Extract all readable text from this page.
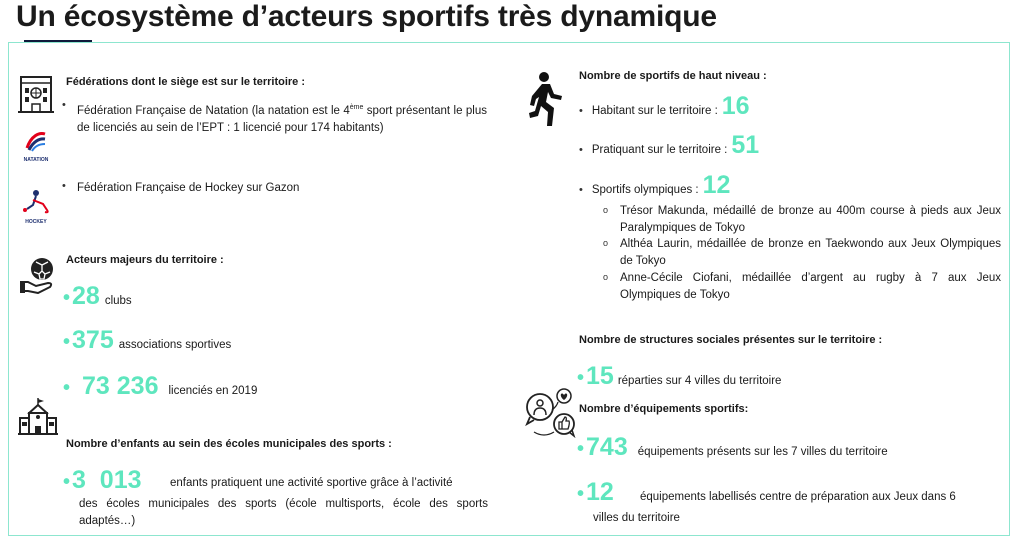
Un écosystème d’acteurs sportifs très dynamique
Fédérations dont le siège est sur le territoire :
• Fédération Française de Natation (la natation est le 4ème sport présentant le plus de licenciés au sein de l’EPT : 1 licencié pour 174 habitants)
NATATION
• Fédération Française de Hockey sur Gazon
HOCKEY
Acteurs majeurs du territoire :
• 28 clubs
• 375 associations sportives
• 73 236 licenciés en 2019
Nombre d’enfants au sein des écoles municipales des sports :
• 3  013 enfants pratiquent une activité sportive grâce à l’activité
des écoles municipales des sports (école multisports, école des sports adaptés…)
Nombre de sportifs de haut niveau :
• Habitant sur le territoire : 16
• Pratiquant sur le territoire : 51
• Sportifs olympiques : 12
o Trésor Makunda, médaillé de bronze au 400m course à pieds aux Jeux Paralympiques de Tokyo
o Althéa Laurin, médaillée de bronze en Taekwondo aux Jeux Olympiques de Tokyo
o Anne-Cécile Ciofani, médaillée d’argent au rugby à 7 aux Jeux Olympiques de Tokyo
Nombre de structures sociales présentes sur le territoire :
• 15 réparties sur 4 villes du territoire
Nombre d’équipements sportifs:
• 743 équipements présents sur les 7 villes du territoire
• 12 équipements labellisés centre de préparation aux Jeux dans 6
villes du territoire
